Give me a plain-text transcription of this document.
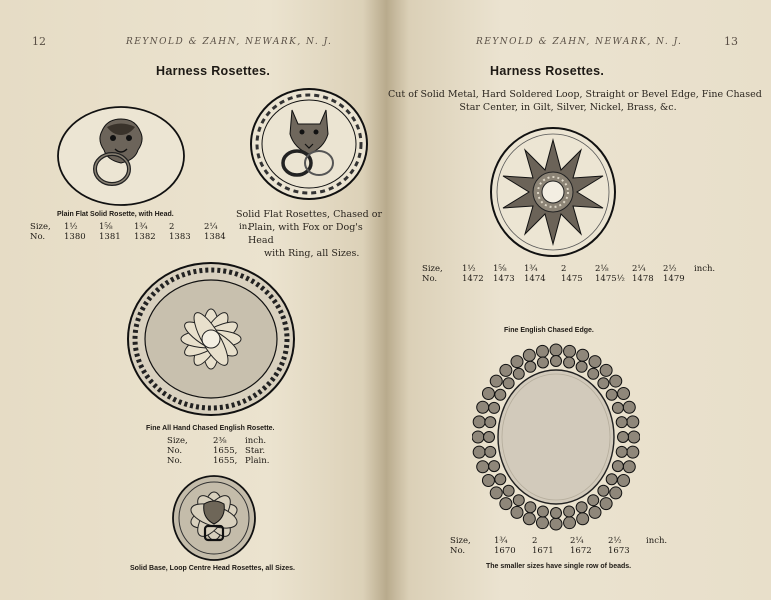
12	REYNOLD & ZAHN, NEWARK, N. J.
Harness Rosettes.
Plain Flat Solid Rosette, with Head.
Size,	1½	1⅝	1¾	2	2¼	in.
No.	1380	1381	1382	1383	1384	
Solid Flat Rosettes, Chased or
Plain, with Fox or Dog's Head
with Ring, all Sizes.
Fine All Hand Chased English Rosette.
Size,	2⅜	inch.
No.	1655,	Star.
No.	1655,	Plain.
Solid Base, Loop Centre Head Rosettes, all Sizes.
REYNOLD & ZAHN, NEWARK, N. J.	13
Harness Rosettes.
Cut of Solid Metal, Hard Soldered Loop, Straight or Bevel Edge, Fine Chased
Star Center, in Gilt, Silver, Nickel, Brass, &c.
Size,	1½	1⅝	1¾	2	2⅛	2¼	2½	inch.
No.	1472	1473	1474	1475	1475½	1478	1479	
Fine English Chased Edge.
Size,	1¾	2	2¼	2½	inch.
No.	1670	1671	1672	1673	
The smaller sizes have single row of beads.
